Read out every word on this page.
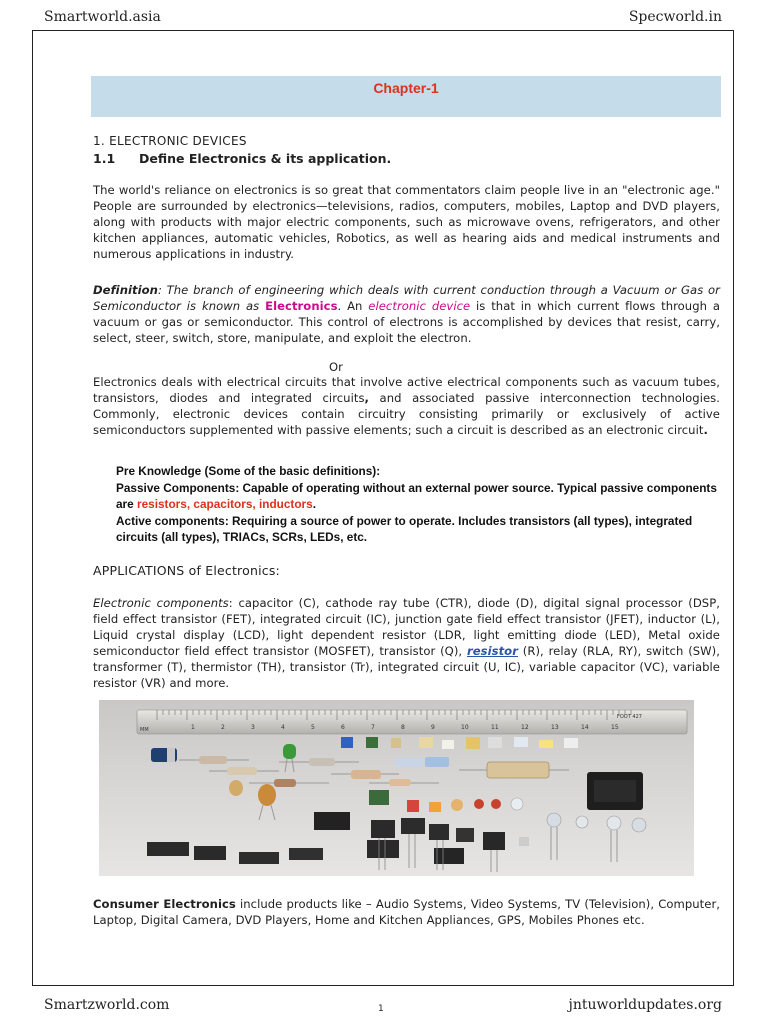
Smartworld.asia	Specworld.in
Chapter-1
1. ELECTRONIC DEVICES
1.1 Define Electronics & its application.
The world's reliance on electronics is so great that commentators claim people live in an "electronic age." People are surrounded by electronics—televisions, radios, computers, mobiles, Laptop and DVD players, along with products with major electric components, such as microwave ovens, refrigerators, and other kitchen appliances, automatic vehicles, Robotics, as well as hearing aids and medical instruments and numerous applications in industry.
Definition: The branch of engineering which deals with current conduction through a Vacuum or Gas or Semiconductor is known as Electronics. An electronic device is that in which current flows through a vacuum or gas or semiconductor. This control of electrons is accomplished by devices that resist, carry, select, steer, switch, store, manipulate, and exploit the electron.
Or
Electronics deals with electrical circuits that involve active electrical components such as vacuum tubes, transistors, diodes and integrated circuits, and associated passive interconnection technologies. Commonly, electronic devices contain circuitry consisting primarily or exclusively of active semiconductors supplemented with passive elements; such a circuit is described as an electronic circuit.
Pre Knowledge (Some of the basic definitions):
Passive Components: Capable of operating without an external power source. Typical passive components are resistors, capacitors, inductors.
Active components: Requiring a source of power to operate. Includes transistors (all types), integrated circuits (all types), TRIACs, SCRs, LEDs, etc.
APPLICATIONS of Electronics:
Electronic components: capacitor (C), cathode ray tube (CTR), diode (D), digital signal processor (DSP, field effect transistor (FET), integrated circuit (IC), junction gate field effect transistor (JFET), inductor (L), Liquid crystal display (LCD), light dependent resistor (LDR, light emitting diode (LED), Metal oxide semiconductor field effect transistor (MOSFET), transistor (Q), resistor (R), relay (RLA, RY), switch (SW), transformer (T), thermistor (TH), transistor (Tr), integrated circuit (U, IC), variable capacitor (VC), variable resistor (VR) and more.
1	2	3	4	5	6	7	8	9	10	11	12	13	14	15
MM
FOOT 427
Consumer Electronics include products like – Audio Systems, Video Systems, TV (Television), Computer, Laptop, Digital Camera, DVD Players, Home and Kitchen Appliances, GPS, Mobiles Phones etc.
Smartzworld.com	1	jntuworldupdates.org
